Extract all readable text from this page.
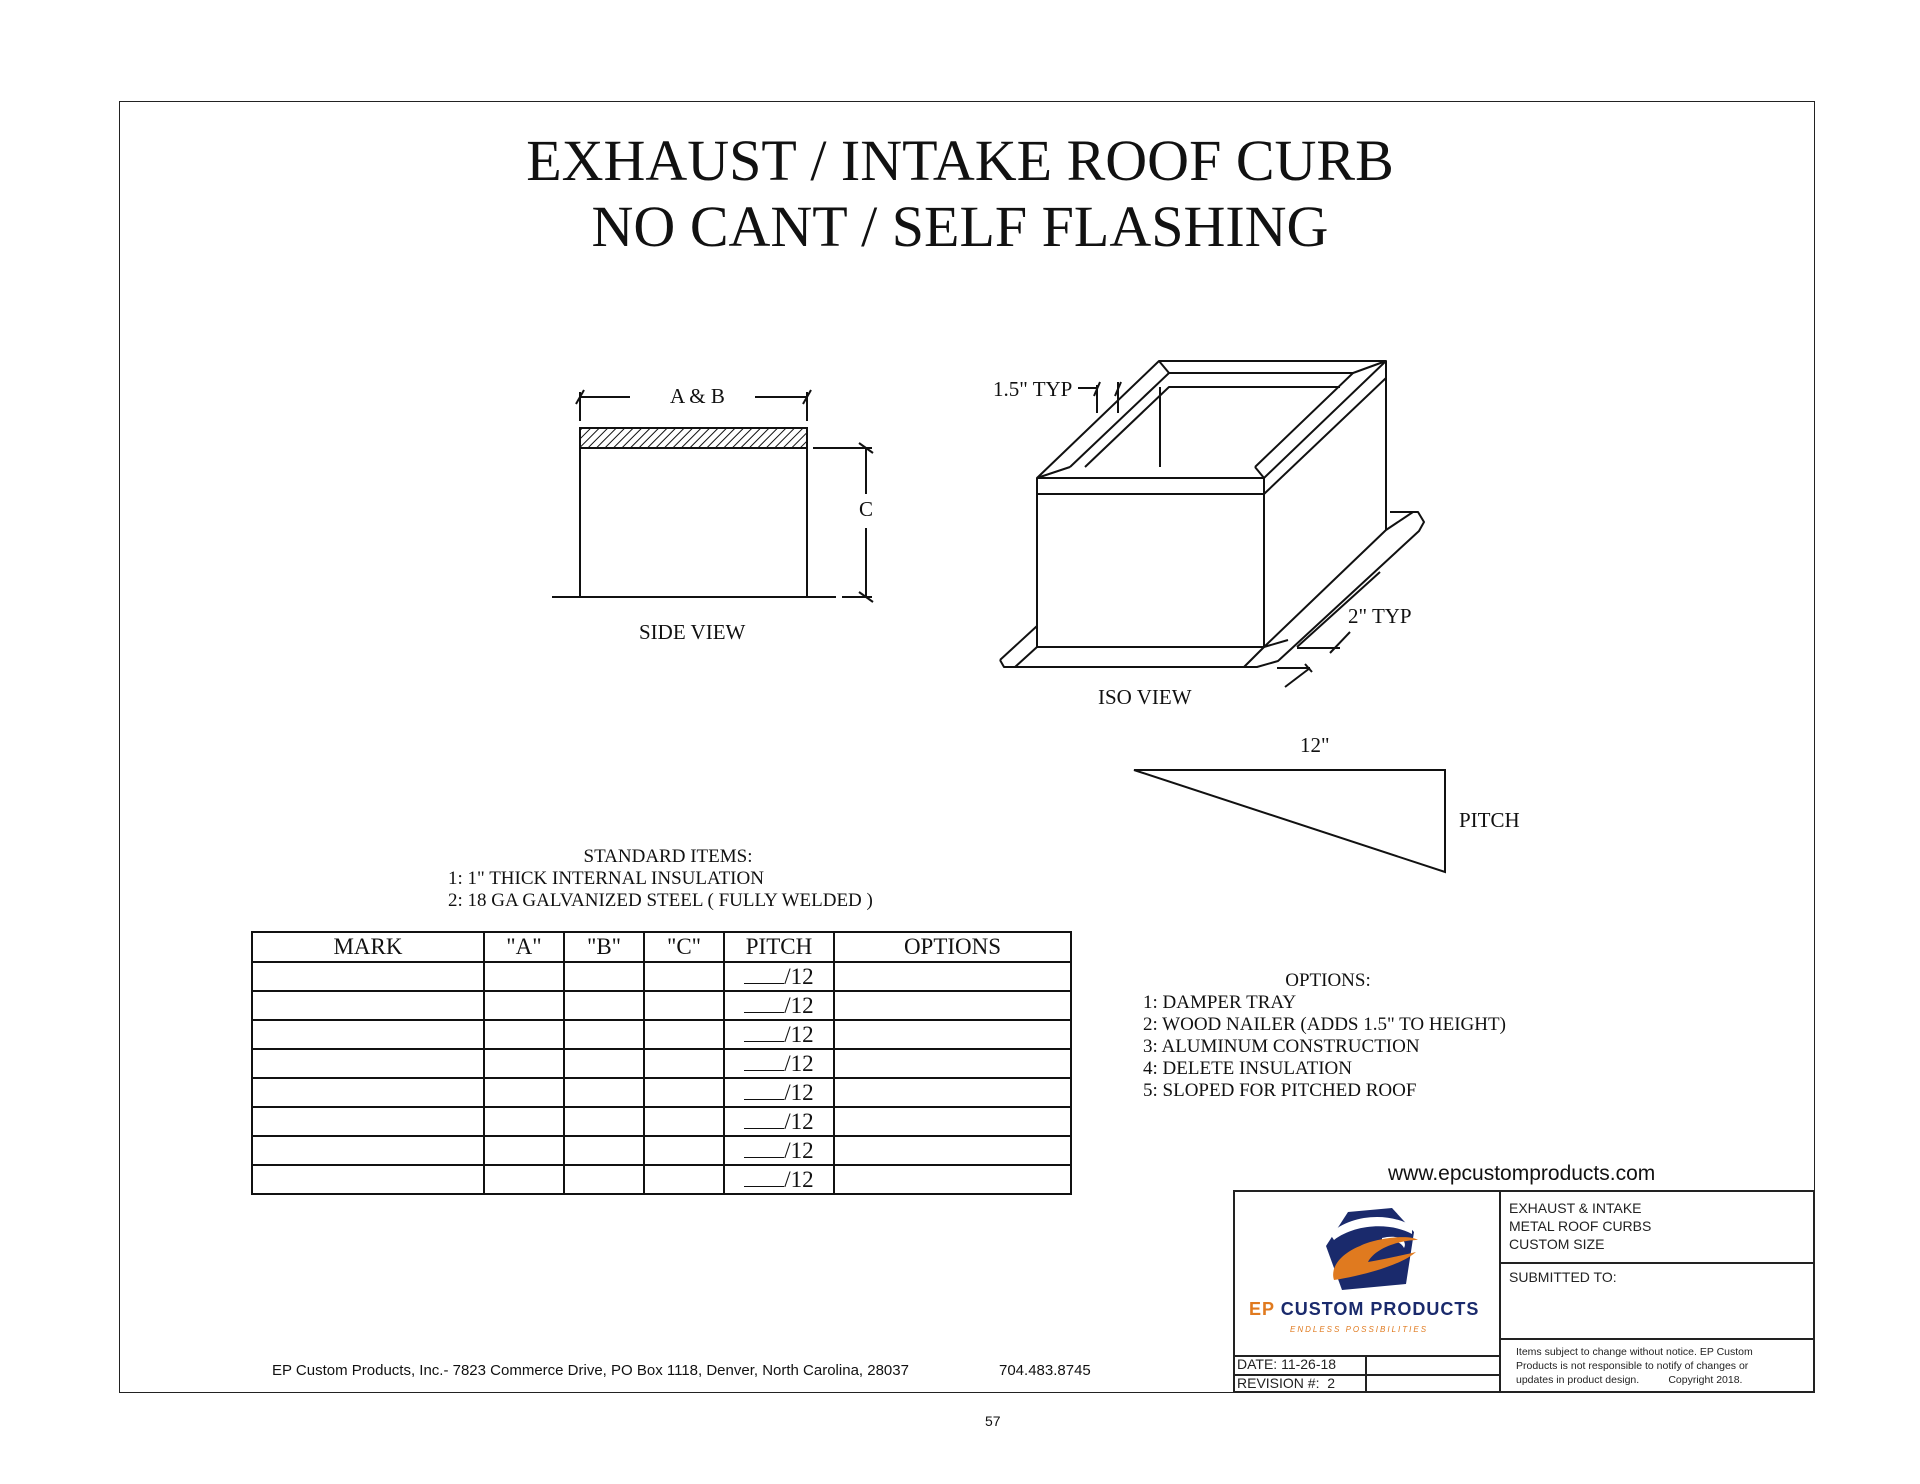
EXHAUST / INTAKE ROOF CURB
NO CANT / SELF FLASHING
A & B
C
SIDE VIEW
1.5" TYP
2" TYP
ISO VIEW
12"
PITCH
STANDARD ITEMS:
1: 1" THICK INTERNAL INSULATION
2: 18 GA GALVANIZED STEEL ( FULLY WELDED )
MARK	"A"	"B"	"C"	PITCH	OPTIONS
				/12	
				/12	
				/12	
				/12	
				/12	
				/12	
				/12	
				/12	
OPTIONS:
1: DAMPER TRAY
2: WOOD NAILER (ADDS 1.5" TO HEIGHT)
3: ALUMINUM CONSTRUCTION
4: DELETE INSULATION
5: SLOPED FOR PITCHED ROOF
www.epcustomproducts.com
EP CUSTOM PRODUCTS
ENDLESS POSSIBILITIES
EXHAUST & INTAKE
METAL ROOF CURBS
CUSTOM SIZE
SUBMITTED TO:
Items subject to change without notice. EP Custom
Products is not responsible to notify of changes or
updates in product design.          Copyright 2018.
DATE: 11-26-18
REVISION #:  2
EP Custom Products, Inc.- 7823 Commerce Drive, PO Box 1118, Denver, North Carolina, 28037	704.483.8745
57
